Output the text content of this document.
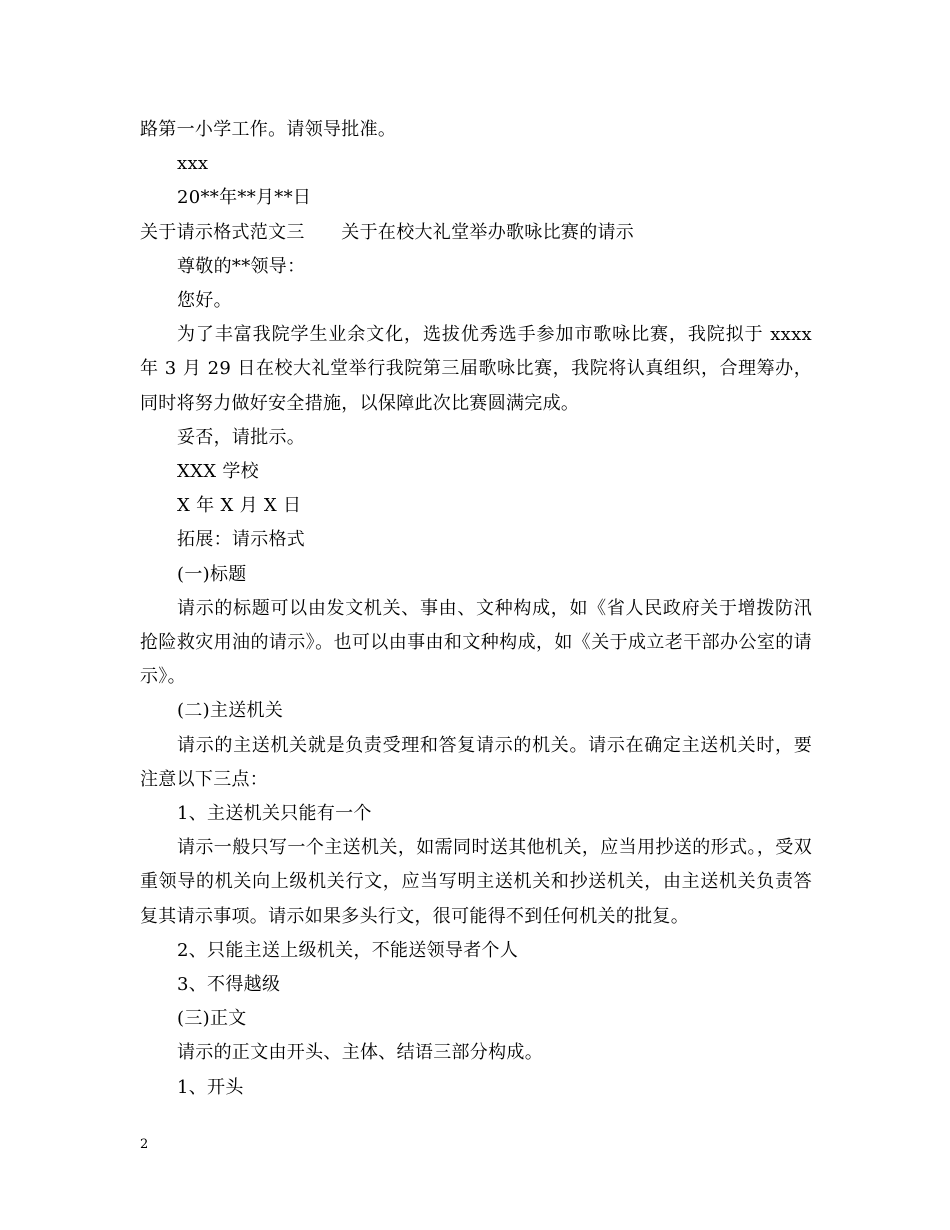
路第一小学工作。请领导批准。

xxx

20**年**月**日

关于请示格式范文三　　关于在校大礼堂举办歌咏比赛的请示

尊敬的**领导：

您好。

为了丰富我院学生业余文化，选拔优秀选手参加市歌咏比赛，我院拟于 xxxx 年 3 月 29 日在校大礼堂举行我院第三届歌咏比赛，我院将认真组织，合理筹办，同时将努力做好安全措施，以保障此次比赛圆满完成。

妥否，请批示。

XXX 学校

X 年 X 月 X 日

拓展：请示格式

(一)标题

请示的标题可以由发文机关、事由、文种构成，如《省人民政府关于增拨防汛抢险救灾用油的请示》。也可以由事由和文种构成，如《关于成立老干部办公室的请示》。

(二)主送机关

请示的主送机关就是负责受理和答复请示的机关。请示在确定主送机关时，要注意以下三点：

1、主送机关只能有一个

请示一般只写一个主送机关，如需同时送其他机关，应当用抄送的形式。，受双重领导的机关向上级机关行文，应当写明主送机关和抄送机关，由主送机关负责答复其请示事项。请示如果多头行文，很可能得不到任何机关的批复。

2、只能主送上级机关，不能送领导者个人

3、不得越级

(三)正文

请示的正文由开头、主体、结语三部分构成。

1、开头

2
